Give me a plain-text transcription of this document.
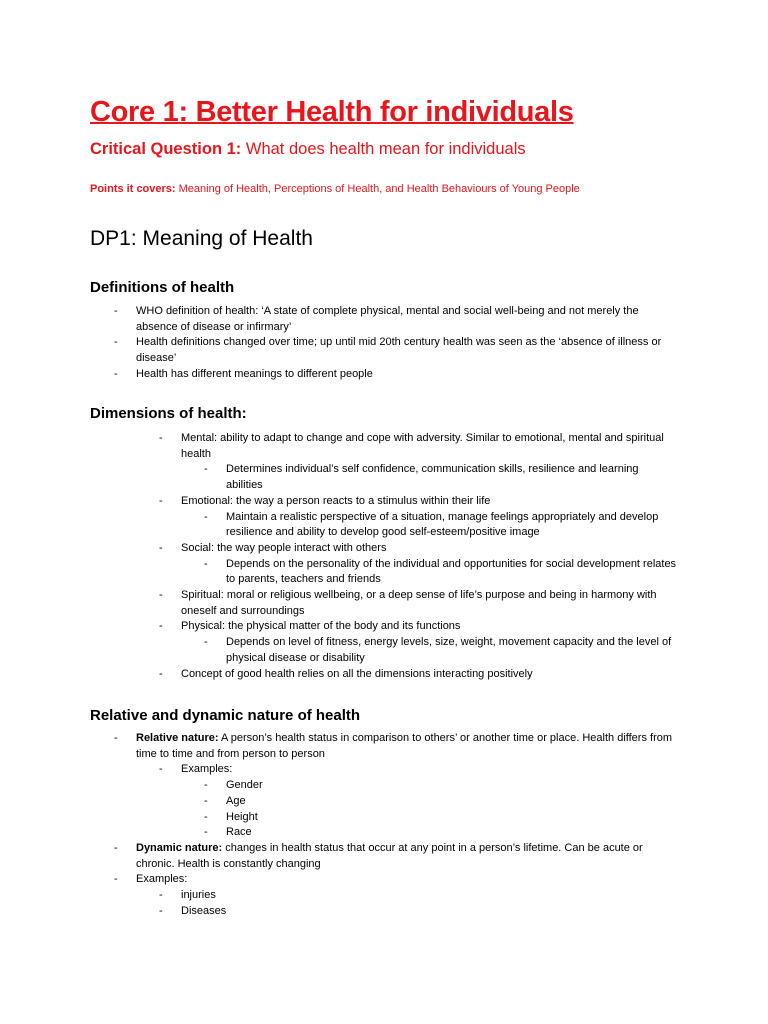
Core 1: Better Health for individuals
Critical Question 1: What does health mean for individuals
Points it covers: Meaning of Health, Perceptions of Health, and Health Behaviours of Young People
DP1: Meaning of Health
Definitions of health
- WHO definition of health: ‘A state of complete physical, mental and social well-being and not merely the absence of disease or infirmary’
- Health definitions changed over time; up until mid 20th century health was seen as the ‘absence of illness or disease’
- Health has different meanings to different people
Dimensions of health:
- Mental: ability to adapt to change and cope with adversity. Similar to emotional, mental and spiritual health
- Determines individual’s self confidence, communication skills, resilience and learning abilities
- Emotional: the way a person reacts to a stimulus within their life
- Maintain a realistic perspective of a situation, manage feelings appropriately and develop resilience and ability to develop good self-esteem/positive image
- Social: the way people interact with others
- Depends on the personality of the individual and opportunities for social development relates to parents, teachers and friends
- Spiritual: moral or religious wellbeing, or a deep sense of life’s purpose and being in harmony with oneself and surroundings
- Physical: the physical matter of the body and its functions
- Depends on level of fitness, energy levels, size, weight, movement capacity and the level of physical disease or disability
- Concept of good health relies on all the dimensions interacting positively
Relative and dynamic nature of health
- Relative nature: A person’s health status in comparison to others’ or another time or place. Health differs from time to time and from person to person
- Examples:
- Gender
- Age
- Height
- Race
- Dynamic nature: changes in health status that occur at any point in a person’s lifetime. Can be acute or chronic. Health is constantly changing
- Examples:
- injuries
- Diseases
